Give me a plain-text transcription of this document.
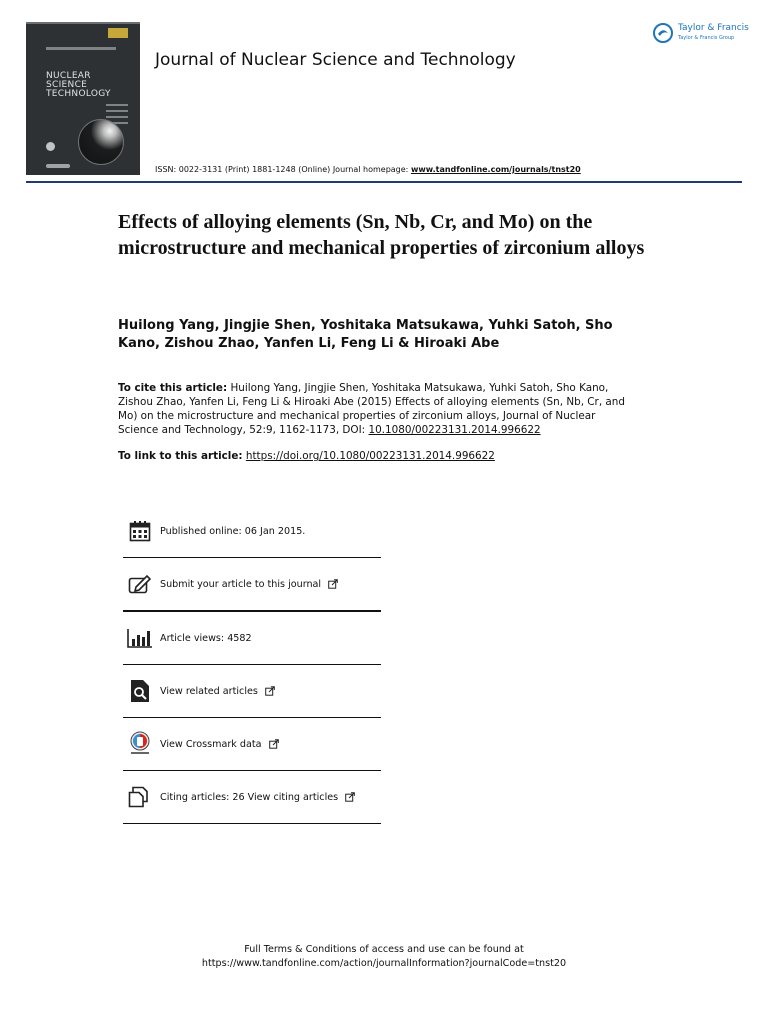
NUCLEAR
SCIENCE
TECHNOLOGY
Journal of Nuclear Science and Technology
ISSN: 0022-3131 (Print) 1881-1248 (Online) Journal homepage: www.tandfonline.com/journals/tnst20
Taylor & Francis
Taylor & Francis Group
Effects of alloying elements (Sn, Nb, Cr, and Mo) on the microstructure and mechanical properties of zirconium alloys

Huilong Yang, Jingjie Shen, Yoshitaka Matsukawa, Yuhki Satoh, Sho Kano, Zishou Zhao, Yanfen Li, Feng Li & Hiroaki Abe

To cite this article: Huilong Yang, Jingjie Shen, Yoshitaka Matsukawa, Yuhki Satoh, Sho Kano, Zishou Zhao, Yanfen Li, Feng Li & Hiroaki Abe (2015) Effects of alloying elements (Sn, Nb, Cr, and Mo) on the microstructure and mechanical properties of zirconium alloys, Journal of Nuclear Science and Technology, 52:9, 1162-1173, DOI: 10.1080/00223131.2014.996622

To link to this article: https://doi.org/10.1080/00223131.2014.996622

Published online: 06 Jan 2015.
Submit your article to this journal
Article views: 4582
View related articles
View Crossmark data
Citing articles: 26 View citing articles
Full Terms & Conditions of access and use can be found at
https://www.tandfonline.com/action/journalInformation?journalCode=tnst20
